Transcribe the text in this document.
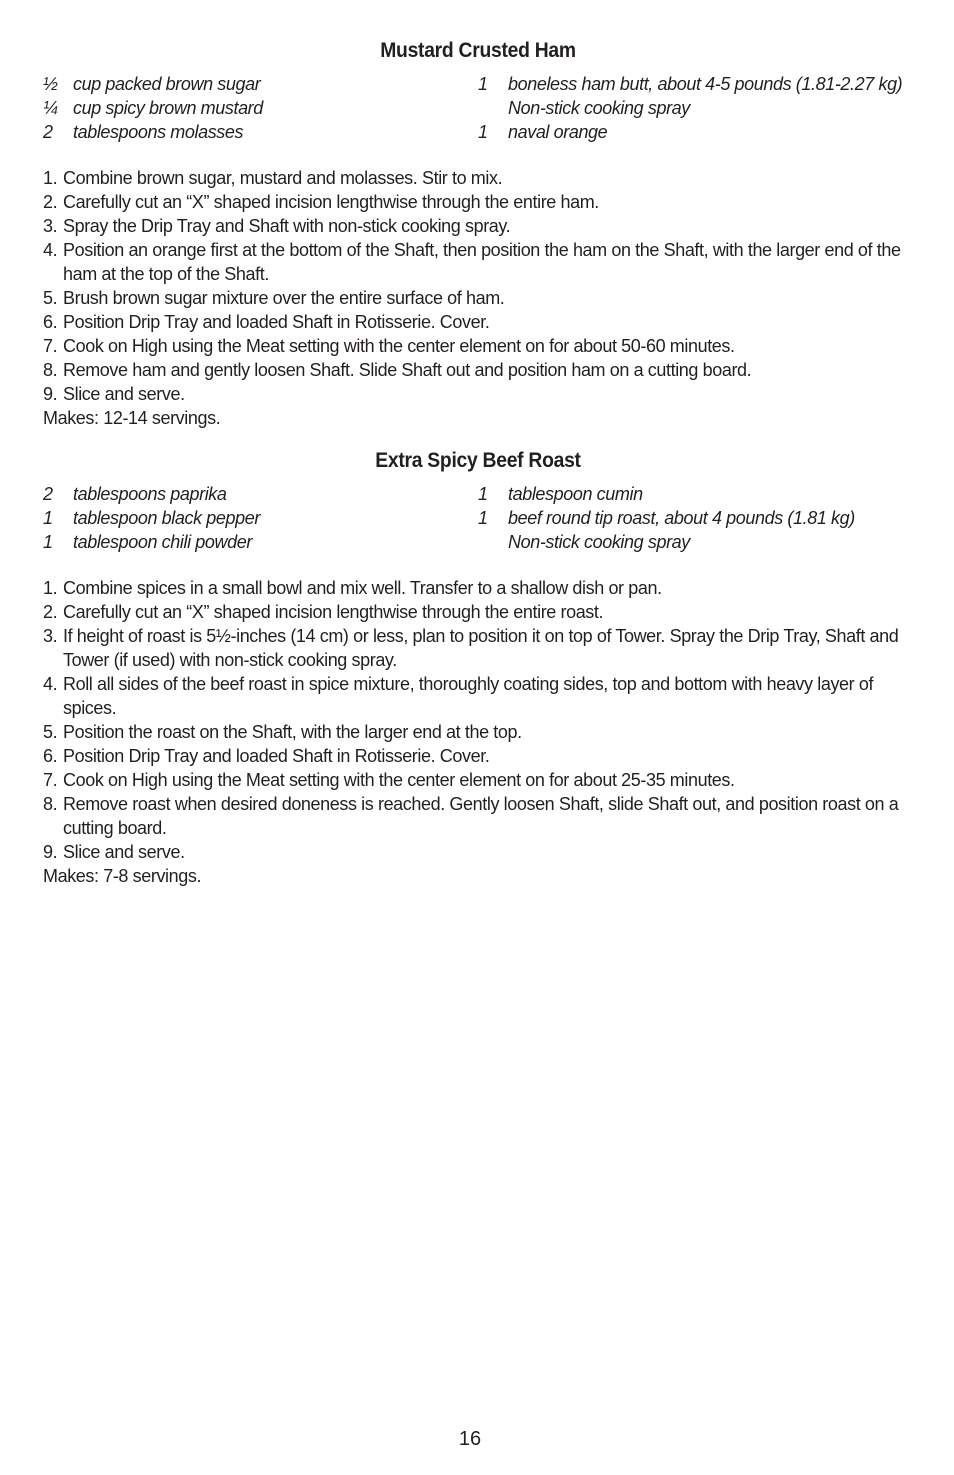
Mustard Crusted Ham
½ cup packed brown sugar
¼ cup spicy brown mustard
2	tablespoons molasses
1	boneless ham butt, about 4-5 pounds (1.81-2.27 kg)
Non-stick cooking spray
1	naval orange
1. Combine brown sugar, mustard and molasses. Stir to mix.
2. Carefully cut an “X” shaped incision lengthwise through the entire ham.
3. Spray the Drip Tray and Shaft with non-stick cooking spray.
4. Position an orange first at the bottom of the Shaft, then position the ham on the Shaft, with the larger end of the ham at the top of the Shaft.
5. Brush brown sugar mixture over the entire surface of ham.
6. Position Drip Tray and loaded Shaft in Rotisserie. Cover.
7. Cook on High using the Meat setting with the center element on for about 50-60 minutes.
8. Remove ham and gently loosen Shaft. Slide Shaft out and position ham on a cutting board.
9. Slice and serve.
Makes: 12-14 servings.
Extra Spicy Beef Roast
2	tablespoons paprika
1	tablespoon black pepper
1	tablespoon chili powder
1	tablespoon cumin
1	beef round tip roast, about 4 pounds (1.81 kg)
Non-stick cooking spray
1. Combine spices in a small bowl and mix well. Transfer to a shallow dish or pan.
2. Carefully cut an “X” shaped incision lengthwise through the entire roast.
3. If height of roast is 5½-inches (14 cm) or less, plan to position it on top of Tower. Spray the Drip Tray, Shaft and Tower (if used) with non-stick cooking spray.
4. Roll all sides of the beef roast in spice mixture, thoroughly coating sides, top and bottom with heavy layer of spices.
5. Position the roast on the Shaft, with the larger end at the top.
6. Position Drip Tray and loaded Shaft in Rotisserie. Cover.
7. Cook on High using the Meat setting with the center element on for about 25-35 minutes.
8. Remove roast when desired doneness is reached. Gently loosen Shaft, slide Shaft out, and position roast on a cutting board.
9. Slice and serve.
Makes: 7-8 servings.
16
